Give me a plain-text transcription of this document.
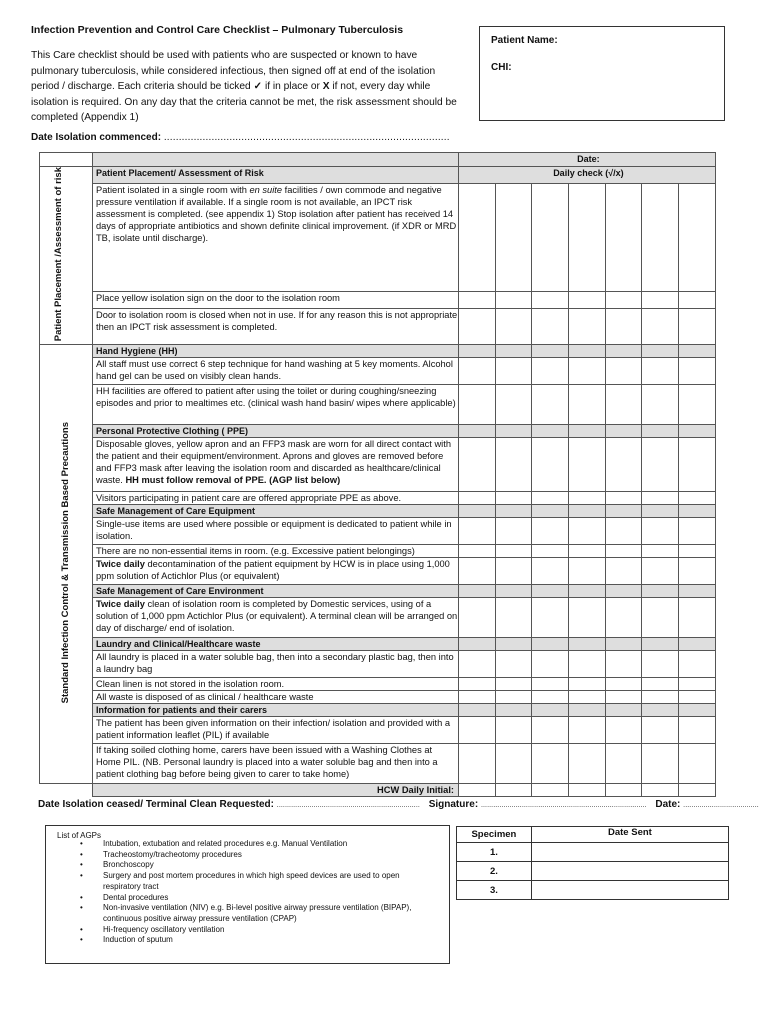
Infection Prevention and Control Care Checklist – Pulmonary Tuberculosis
This Care checklist should be used with patients who are suspected or known to have pulmonary tuberculosis, while considered infectious, then signed off at end of the isolation period / discharge. Each criteria should be ticked ✓ if in place or X if not, every day while isolation is required. On any day that the criteria cannot be met, the risk assessment should be completed (Appendix 1)
Patient Name:
CHI:
Date Isolation commenced: ................................................................................................
		Date:						
Patient Placement /Assessment of risk	Patient Placement/ Assessment of Risk	Daily check (√/x)						
	Patient isolated in a single room with en suite facilities / own commode and negative pressure ventilation if available. If a single room is not available, an IPCT risk assessment is completed. (see appendix 1) Stop isolation after patient has received 14 days of appropriate antibiotics and shown definite clinical improvement. (if XDR or MRD TB, isolate until discharge).							
	Place yellow isolation sign on the door to the isolation room							
	Door to isolation room is closed when not in use. If for any reason this is not appropriate then an IPCT risk assessment is completed.							
Standard Infection Control & Transmission Based Precautions	Hand Hygiene (HH)							
	All staff must use correct 6 step technique for hand washing at 5 key moments. Alcohol hand gel can be used on visibly clean hands.							
	HH facilities are offered to patient after using the toilet or during coughing/sneezing episodes and prior to mealtimes etc. (clinical wash hand basin/ wipes where applicable)							
	Personal Protective Clothing ( PPE)							
	Disposable gloves, yellow apron and an FFP3 mask are worn for all direct contact with the patient and their equipment/environment. Aprons and gloves are removed before and FFP3 mask after leaving the isolation room and discarded as healthcare/clinical waste. HH must follow removal of PPE. (AGP list below)							
	Visitors participating in patient care are offered appropriate PPE as above.							
	Safe Management of Care Equipment							
	Single-use items are used where possible or equipment is dedicated to patient while in isolation.							
	There are no non-essential items in room. (e.g. Excessive patient belongings)							
	Twice daily decontamination of the patient equipment by HCW is in place using 1,000 ppm solution of Actichlor Plus (or equivalent)							
	Safe Management of Care Environment							
	Twice daily clean of isolation room is completed by Domestic services, using of a solution of 1,000 ppm Actichlor Plus (or equivalent). A terminal clean will be arranged on day of discharge/ end of isolation.							
	Laundry and Clinical/Healthcare waste							
	All laundry is placed in a water soluble bag, then into a secondary plastic bag, then into a laundry bag							
	Clean linen is not stored in the isolation room.							
	All waste is disposed of as clinical / healthcare waste							
	Information for patients and their carers							
	The patient has been given information on their infection/ isolation and provided with a patient information leaflet (PIL) if available							
	If taking soiled clothing home, carers have been issued with a Washing Clothes at Home PIL. (NB. Personal laundry is placed into a water soluble bag and then into a patient clothing bag before being given to carer to take home)							
	HCW Daily Initial:							
Date Isolation ceased/ Terminal Clean Requested: ...................................................................... Signature: ................................................................................. Date: .....................................
List of AGPs
• Intubation, extubation and related procedures e.g. Manual Ventilation
• Tracheostomy/tracheotomy procedures
• Bronchoscopy
• Surgery and post mortem procedures in which high speed devices are used to open respiratory tract
• Dental procedures
• Non-invasive ventilation (NIV) e.g. Bi-level positive airway pressure ventilation (BIPAP), continuous positive airway pressure ventilation (CPAP)
• Hi-frequency oscillatory ventilation
• Induction of sputum
Specimen	Date Sent
1.	
2.	
3.	
